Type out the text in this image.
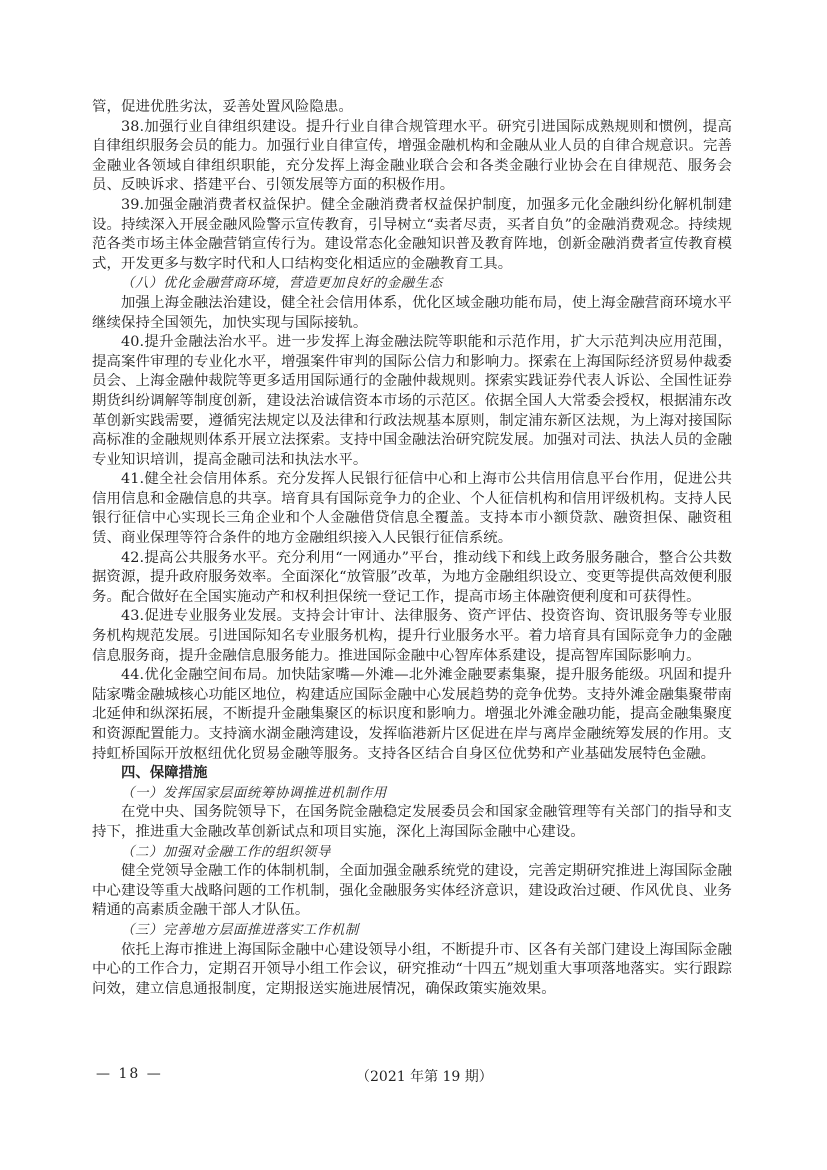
管，促进优胜劣汰，妥善处置风险隐患。

38.加强行业自律组织建设。提升行业自律合规管理水平。研究引进国际成熟规则和惯例，提高自律组织服务会员的能力。加强行业自律宣传，增强金融机构和金融从业人员的自律合规意识。完善金融业各领域自律组织职能，充分发挥上海金融业联合会和各类金融行业协会在自律规范、服务会员、反映诉求、搭建平台、引领发展等方面的积极作用。

39.加强金融消费者权益保护。健全金融消费者权益保护制度，加强多元化金融纠纷化解机制建设。持续深入开展金融风险警示宣传教育，引导树立“卖者尽责，买者自负”的金融消费观念。持续规范各类市场主体金融营销宣传行为。建设常态化金融知识普及教育阵地，创新金融消费者宣传教育模式，开发更多与数字时代和人口结构变化相适应的金融教育工具。

（八）优化金融营商环境，营造更加良好的金融生态

加强上海金融法治建设，健全社会信用体系，优化区域金融功能布局，使上海金融营商环境水平继续保持全国领先，加快实现与国际接轨。

40.提升金融法治水平。进一步发挥上海金融法院等职能和示范作用，扩大示范判决应用范围，提高案件审理的专业化水平，增强案件审判的国际公信力和影响力。探索在上海国际经济贸易仲裁委员会、上海金融仲裁院等更多适用国际通行的金融仲裁规则。探索实践证券代表人诉讼、全国性证券期货纠纷调解等制度创新，建设法治诚信资本市场的示范区。依据全国人大常委会授权，根据浦东改革创新实践需要，遵循宪法规定以及法律和行政法规基本原则，制定浦东新区法规，为上海对接国际高标准的金融规则体系开展立法探索。支持中国金融法治研究院发展。加强对司法、执法人员的金融专业知识培训，提高金融司法和执法水平。

41.健全社会信用体系。充分发挥人民银行征信中心和上海市公共信用信息平台作用，促进公共信用信息和金融信息的共享。培育具有国际竞争力的企业、个人征信机构和信用评级机构。支持人民银行征信中心实现长三角企业和个人金融借贷信息全覆盖。支持本市小额贷款、融资担保、融资租赁、商业保理等符合条件的地方金融组织接入人民银行征信系统。

42.提高公共服务水平。充分利用“一网通办”平台，推动线下和线上政务服务融合，整合公共数据资源，提升政府服务效率。全面深化“放管服”改革，为地方金融组织设立、变更等提供高效便利服务。配合做好在全国实施动产和权利担保统一登记工作，提高市场主体融资便利度和可获得性。

43.促进专业服务业发展。支持会计审计、法律服务、资产评估、投资咨询、资讯服务等专业服务机构规范发展。引进国际知名专业服务机构，提升行业服务水平。着力培育具有国际竞争力的金融信息服务商，提升金融信息服务能力。推进国际金融中心智库体系建设，提高智库国际影响力。

44.优化金融空间布局。加快陆家嘴—外滩—北外滩金融要素集聚，提升服务能级。巩固和提升陆家嘴金融城核心功能区地位，构建适应国际金融中心发展趋势的竞争优势。支持外滩金融集聚带南北延伸和纵深拓展，不断提升金融集聚区的标识度和影响力。增强北外滩金融功能，提高金融集聚度和资源配置能力。支持滴水湖金融湾建设，发挥临港新片区促进在岸与离岸金融统筹发展的作用。支持虹桥国际开放枢纽优化贸易金融等服务。支持各区结合自身区位优势和产业基础发展特色金融。

四、保障措施

（一）发挥国家层面统筹协调推进机制作用

在党中央、国务院领导下，在国务院金融稳定发展委员会和国家金融管理等有关部门的指导和支持下，推进重大金融改革创新试点和项目实施，深化上海国际金融中心建设。

（二）加强对金融工作的组织领导

健全党领导金融工作的体制机制，全面加强金融系统党的建设，完善定期研究推进上海国际金融中心建设等重大战略问题的工作机制，强化金融服务实体经济意识，建设政治过硬、作风优良、业务精通的高素质金融干部人才队伍。

（三）完善地方层面推进落实工作机制

依托上海市推进上海国际金融中心建设领导小组，不断提升市、区各有关部门建设上海国际金融中心的工作合力，定期召开领导小组工作会议，研究推动“十四五”规划重大事项落地落实。实行跟踪问效，建立信息通报制度，定期报送实施进展情况，确保政策实施效果。

— 18 —	（2021 年第 19 期）
